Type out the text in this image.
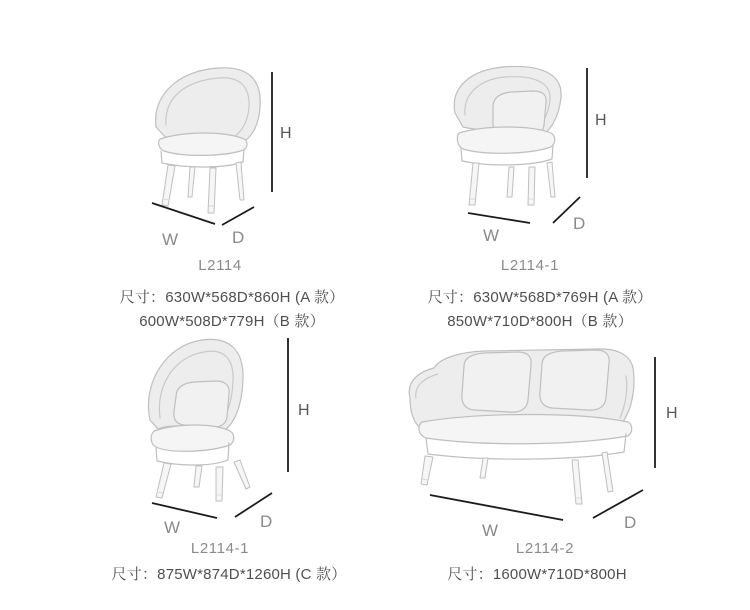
H
W	D
L2114
尺寸：630W*568D*860H (A 款）
600W*508D*779H（B 款）
H
W
D
L2114-1
尺寸：630W*568D*769H (A 款）
850W*710D*800H（B 款）
H
W	D
L2114-1
尺寸：875W*874D*1260H (C 款）
H
W	D
L2114-2
尺寸：1600W*710D*800H
